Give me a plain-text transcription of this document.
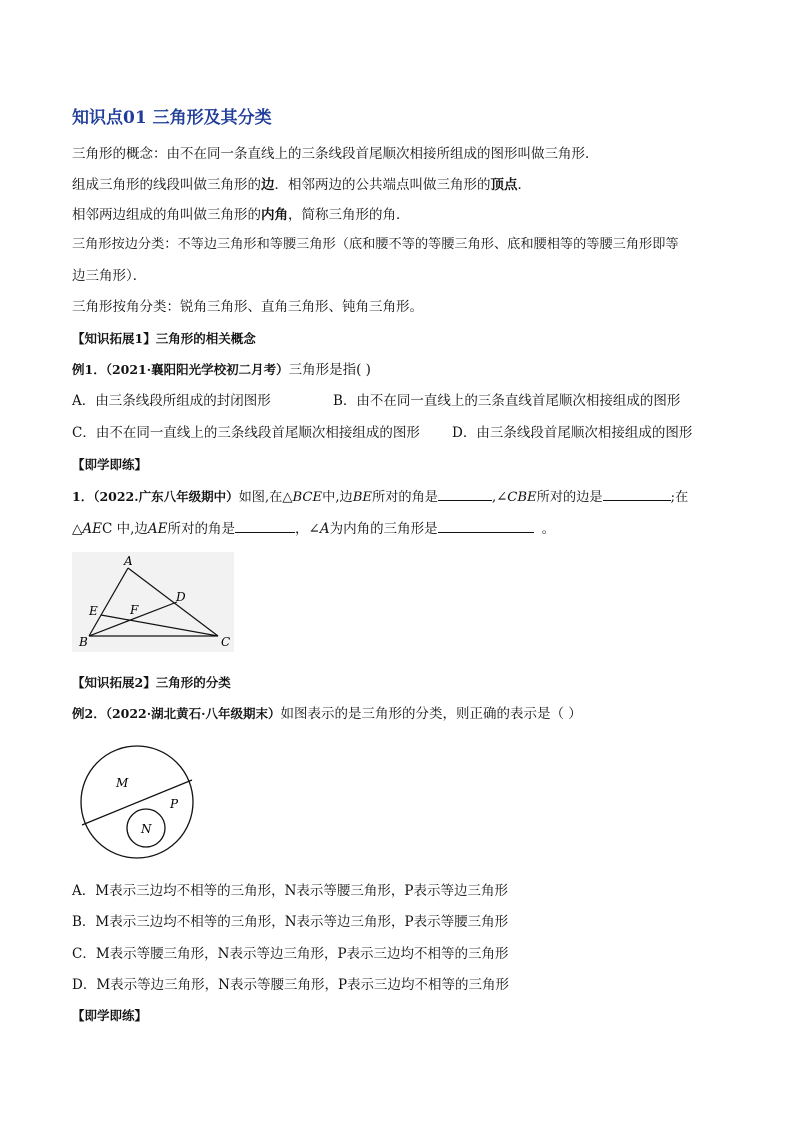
知识点01 三角形及其分类
三角形的概念：由不在同一条直线上的三条线段首尾顺次相接所组成的图形叫做三角形．
组成三角形的线段叫做三角形的边．相邻两边的公共端点叫做三角形的顶点．
相邻两边组成的角叫做三角形的内角，简称三角形的角．
三角形按边分类：不等边三角形和等腰三角形（底和腰不等的等腰三角形、底和腰相等的等腰三角形即等
边三角形）．
三角形按角分类：锐角三角形、直角三角形、钝角三角形。
【知识拓展1】三角形的相关概念
例1．（2021·襄阳阳光学校初二月考）三角形是指( )
A．由三条线段所组成的封闭图形	B．由不在同一直线上的三条直线首尾顺次相接组成的图形
C．由不在同一直线上的三条线段首尾顺次相接组成的图形 D．由三条线段首尾顺次相接组成的图形
【即学即练】
1．（2022.广东八年级期中）如图,在△BCE中,边BE所对的角是	,∠CBE所对的边是	;在
△AEC 中,边AE所对的角是	，∠A为内角的三角形是	。
A
B	C
D
E	F
【知识拓展2】三角形的分类
例2．（2022·湖北黄石·八年级期末）如图表示的是三角形的分类，则正确的表示是（ ）
M
P
N
A．M表示三边均不相等的三角形，N表示等腰三角形，P表示等边三角形
B．M表示三边均不相等的三角形，N表示等边三角形，P表示等腰三角形
C．M表示等腰三角形，N表示等边三角形，P表示三边均不相等的三角形
D．M表示等边三角形，N表示等腰三角形，P表示三边均不相等的三角形
【即学即练】
